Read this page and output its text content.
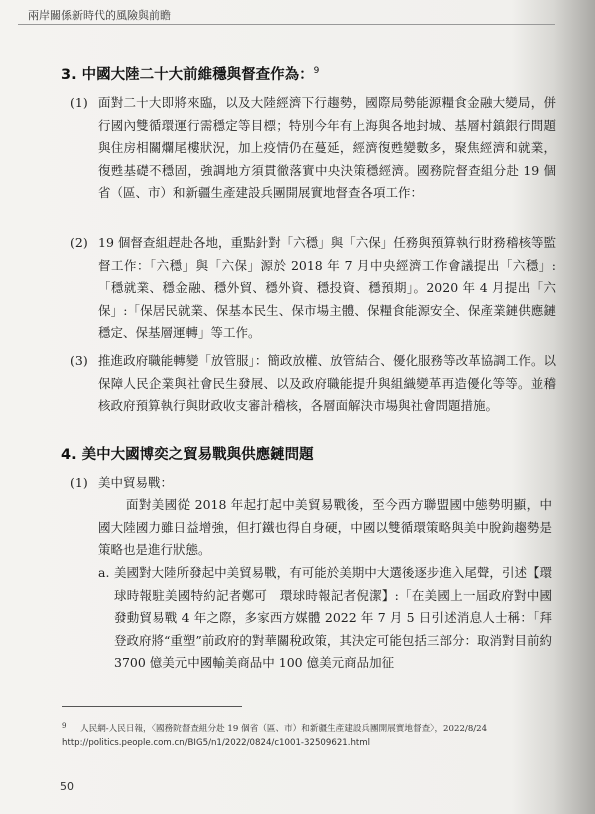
兩岸關係新時代的風險與前瞻
3. 中國大陸二十大前維穩與督查作為：$^9$
(1) 面對二十大即將來臨，以及大陸經濟下行趨勢，國際局勢能源糧食金融大變局，併行國內雙循環運行需穩定等目標；特別今年有上海與各地封城、基層村鎮銀行問題與住房相關爛尾樓狀況，加上疫情仍在蔓延，經濟復甦變數多，聚焦經濟和就業，復甦基礎不穩固，強調地方須貫徹落實中央決策穩經濟。國務院督查組分赴 19 個省（區、市）和新疆生產建設兵團開展實地督查各項工作：
(2) 19 個督查組趕赴各地，重點針對「六穩」與「六保」任務與預算執行財務稽核等監督工作：「六穩」與「六保」源於 2018 年 7 月中央經濟工作會議提出「六穩」:「穩就業、穩金融、穩外貿、穩外資、穩投資、穩預期」。2020 年 4 月提出「六保」:「保居民就業、保基本民生、保市場主體、保糧食能源安全、保產業鏈供應鏈穩定、保基層運轉」等工作。
(3) 推進政府職能轉變「放管服」：簡政放權、放管結合、優化服務等改革協調工作。以保障人民企業與社會民生發展、以及政府職能提升與組織變革再造優化等等。並稽核政府預算執行與財政收支審計稽核，各層面解決市場與社會問題措施。
4. 美中大國博奕之貿易戰與供應鏈問題
(1) 美中貿易戰：
面對美國從 2018 年起打起中美貿易戰後，至今西方聯盟國中態勢明顯，中國大陸國力雖日益增強，但打鐵也得自身硬，中國以雙循環策略與美中脫鉤趨勢是策略也是進行狀態。
a. 美國對大陸所發起中美貿易戰，有可能於美期中大選後逐步進入尾聲，引述【環球時報駐美國特約記者鄭可　環球時報記者倪潔】:「在美國上一屆政府對中國發動貿易戰 4 年之際，多家西方媒體 2022 年 7 月 5 日引述消息人士稱：「拜登政府將“重塑”前政府的對華關稅政策，其決定可能包括三部分：取消對目前約 3700 億美元中國輸美商品中 100 億美元商品加征
9 人民網-人民日報，〈國務院督查組分赴 19 個省（區、市）和新疆生產建設兵團開展實地督查〉，2022/8/24
http://politics.people.com.cn/BIG5/n1/2022/0824/c1001-32509621.html
50
